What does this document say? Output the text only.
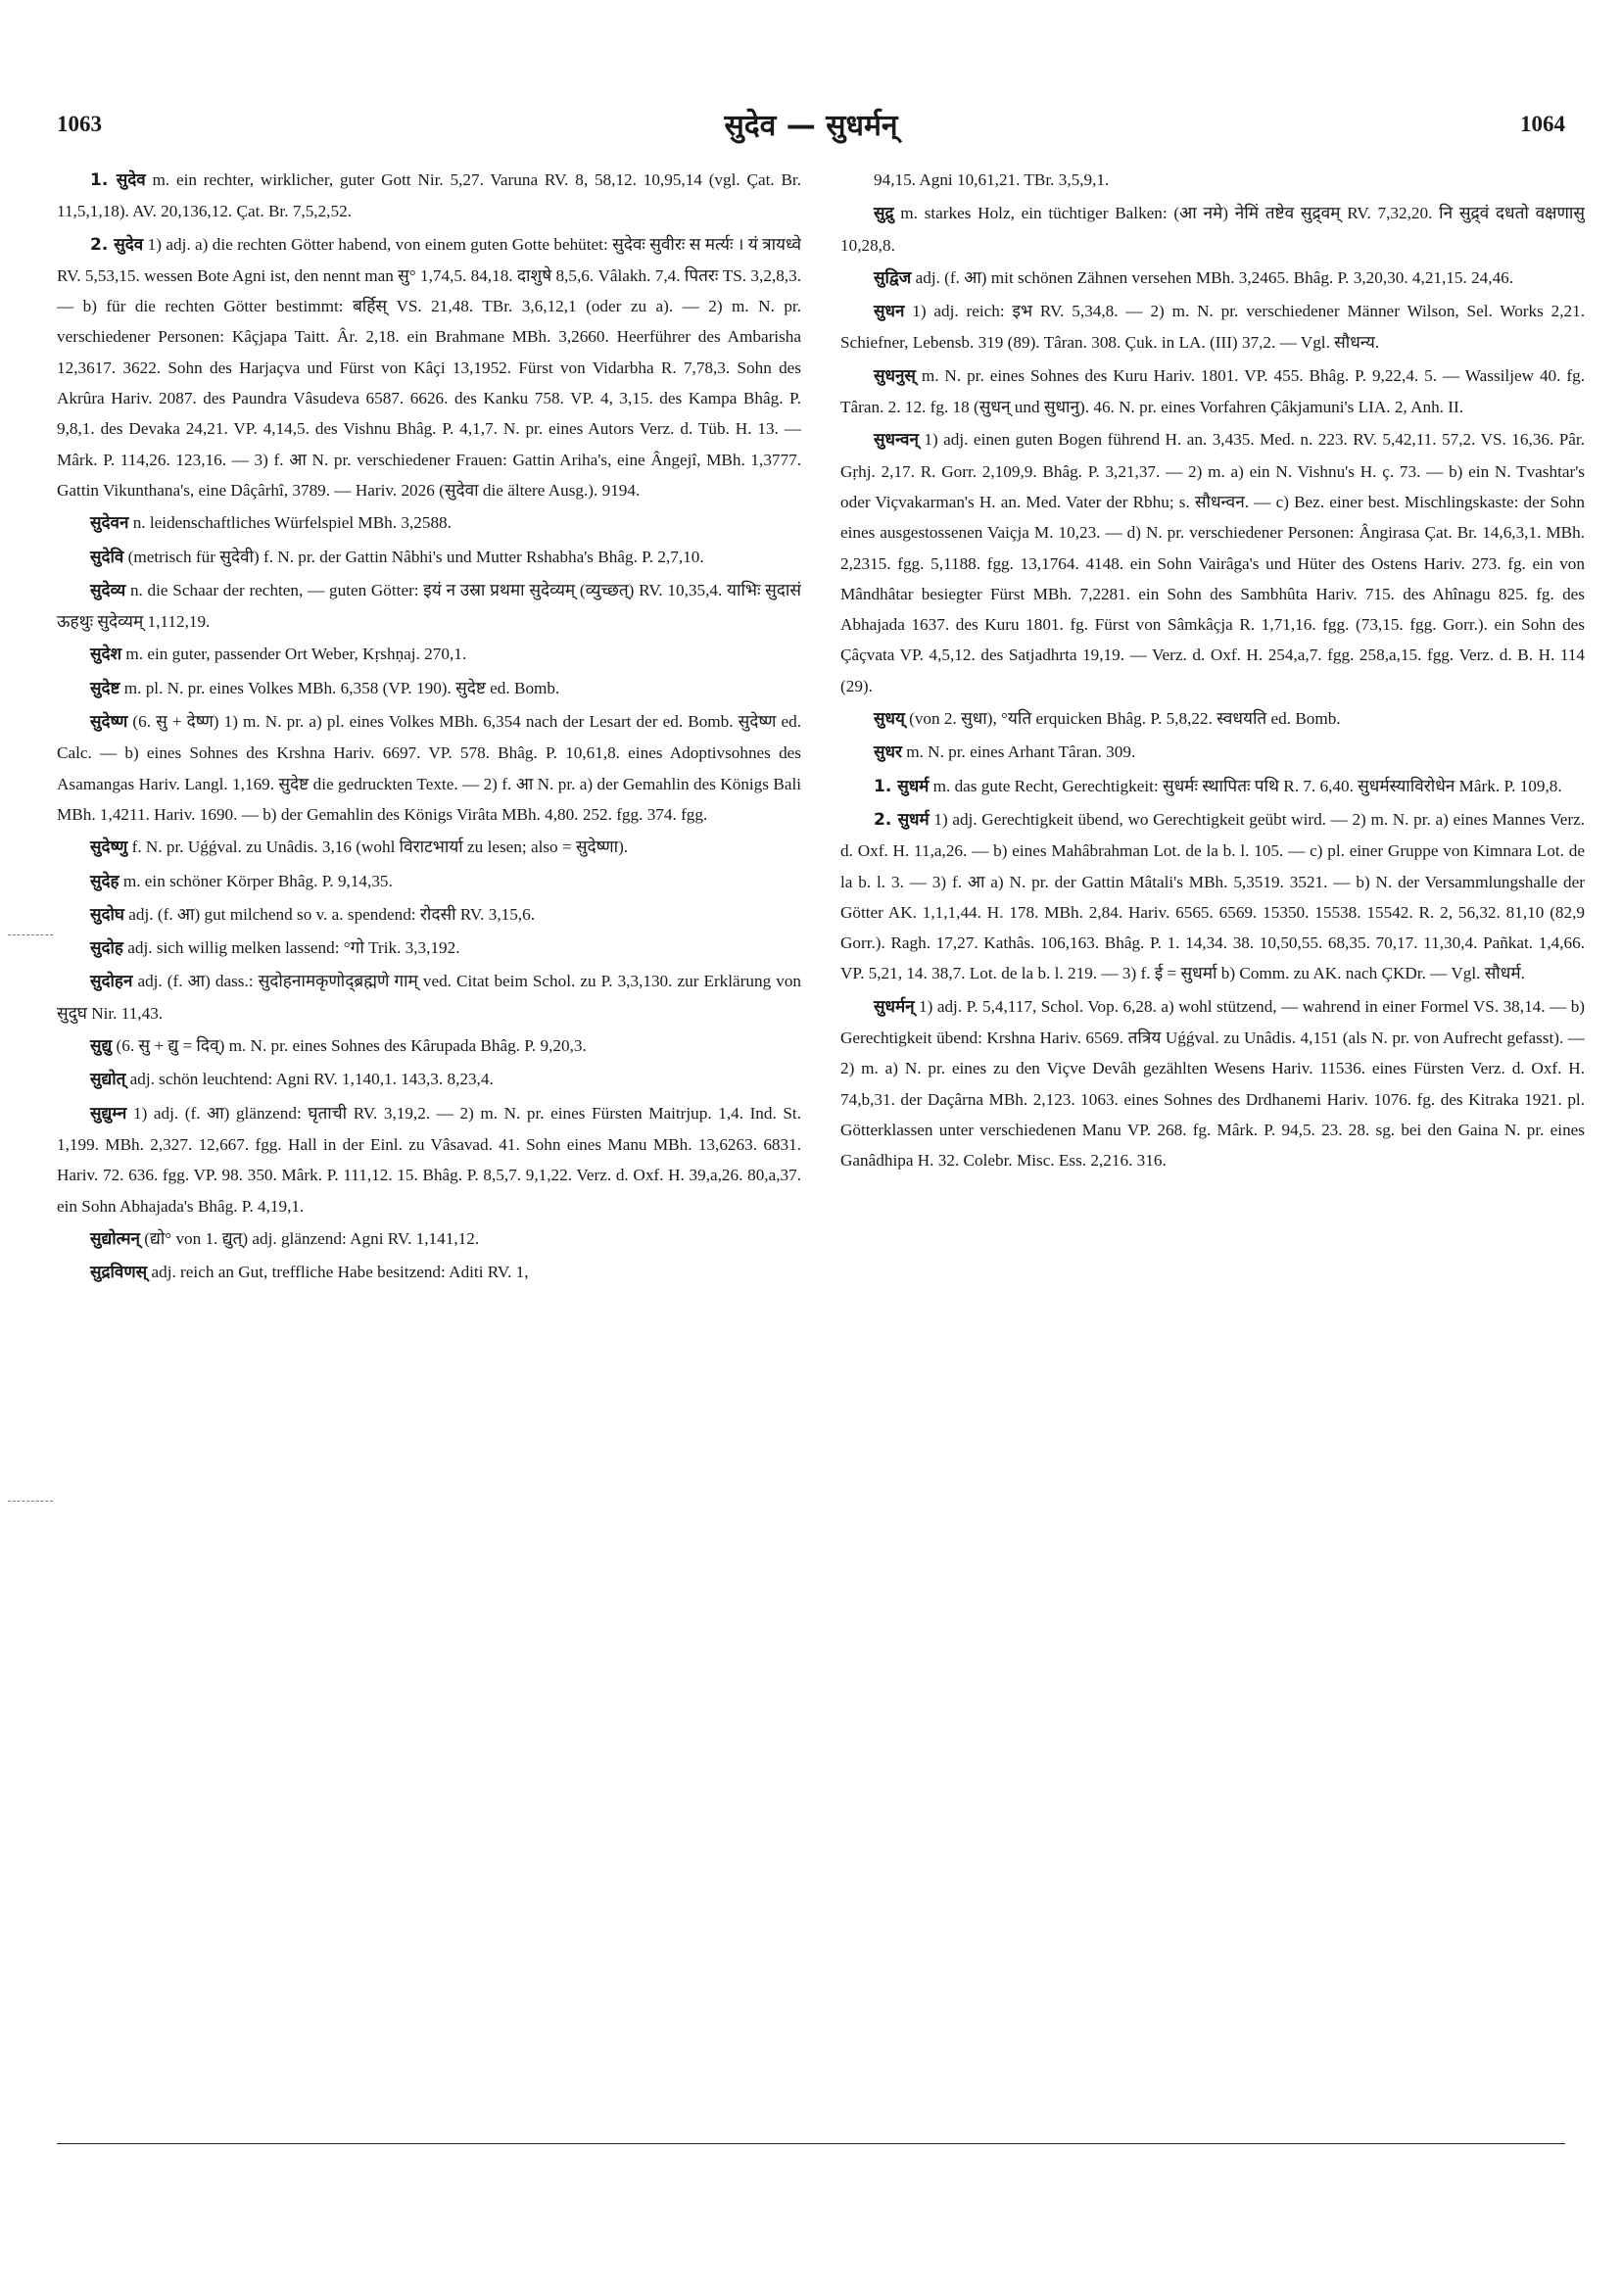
1063	सुदेव — सुधर्मन्	1064

1. सुदेव m. ein rechter, wirklicher, guter Gott Nir. 5,27. Varuna RV. 8, 58,12. 10,95,14 (vgl. Çat. Br. 11,5,1,18). AV. 20,136,12. Çat. Br. 7,5,2,52.

2. सुदेव 1) adj. a) die rechten Götter habend, von einem guten Gotte behütet: सुदेवः सुवीरः स मर्त्यः । यं त्रायध्वे RV. 5,53,15. wessen Bote Agni ist, den nennt man सु° 1,74,5. 84,18. दाशुषे 8,5,6. Vâlakh. 7,4. पितरः TS. 3,2,8,3. — b) für die rechten Götter bestimmt: बर्हिस् VS. 21,48. TBr. 3,6,12,1 (oder zu a). — 2) m. N. pr. verschiedener Personen: Kâçjapa Taitt. Âr. 2,18. ein Brahmane MBh. 3,2660. Heerführer des Ambarisha 12,3617. 3622. Sohn des Harjaçva und Fürst von Kâçi 13,1952. Fürst von Vidarbha R. 7,78,3. Sohn des Akrûra Hariv. 2087. des Paundra Vâsudeva 6587. 6626. des Kanku 758. VP. 4, 3,15. des Kampa Bhâg. P. 9,8,1. des Devaka 24,21. VP. 4,14,5. des Vishnu Bhâg. P. 4,1,7. N. pr. eines Autors Verz. d. Tüb. H. 13. — Mârk. P. 114,26. 123,16. — 3) f. आ N. pr. verschiedener Frauen: Gattin Ariha's, eine Ângejî, MBh. 1,3777. Gattin Vikunthana's, eine Dâçârhî, 3789. — Hariv. 2026 (सुदेवा die ältere Ausg.). 9194.

सुदेवन n. leidenschaftliches Würfelspiel MBh. 3,2588.

सुदेवि (metrisch für सुदेवी) f. N. pr. der Gattin Nâbhi's und Mutter Rshabha's Bhâg. P. 2,7,10.

सुदेव्य n. die Schaar der rechten, — guten Götter: इयं न उस्रा प्रथमा सुदेव्यम् (व्युच्छत्) RV. 10,35,4. याभिः सुदासं ऊहथुः सुदेव्यम् 1,112,19.

सुदेश m. ein guter, passender Ort Weber, Kṛshṇaj. 270,1.

सुदेष्ट m. pl. N. pr. eines Volkes MBh. 6,358 (VP. 190). सुदेष्ट ed. Bomb.

सुदेष्ण (6. सु + देष्ण) 1) m. N. pr. a) pl. eines Volkes MBh. 6,354 nach der Lesart der ed. Bomb. सुदेष्ण ed. Calc. — b) eines Sohnes des Krshna Hariv. 6697. VP. 578. Bhâg. P. 10,61,8. eines Adoptivsohnes des Asamangas Hariv. Langl. 1,169. सुदेष्ट die gedruckten Texte. — 2) f. आ N. pr. a) der Gemahlin des Königs Bali MBh. 1,4211. Hariv. 1690. — b) der Gemahlin des Königs Virâta MBh. 4,80. 252. fgg. 374. fgg.

सुदेष्णु f. N. pr. Uǵǵval. zu Unâdis. 3,16 (wohl विराटभार्या zu lesen; also = सुदेष्णा).

सुदेह m. ein schöner Körper Bhâg. P. 9,14,35.

सुदोघ adj. (f. आ) gut milchend so v. a. spendend: रोदसी RV. 3,15,6.

सुदोह adj. sich willig melken lassend: °गो Trik. 3,3,192.

सुदोहन adj. (f. आ) dass.: सुदोहनामकृणोद्ब्रह्मणे गाम् ved. Citat beim Schol. zu P. 3,3,130. zur Erklärung von सुदुघ Nir. 11,43.

सुद्यु (6. सु + द्यु = दिव्) m. N. pr. eines Sohnes des Kârupada Bhâg. P. 9,20,3.

सुद्योत् adj. schön leuchtend: Agni RV. 1,140,1. 143,3. 8,23,4.

सुद्युम्न 1) adj. (f. आ) glänzend: घृताची RV. 3,19,2. — 2) m. N. pr. eines Fürsten Maitrjup. 1,4. Ind. St. 1,199. MBh. 2,327. 12,667. fgg. Hall in der Einl. zu Vâsavad. 41. Sohn eines Manu MBh. 13,6263. 6831. Hariv. 72. 636. fgg. VP. 98. 350. Mârk. P. 111,12. 15. Bhâg. P. 8,5,7. 9,1,22. Verz. d. Oxf. H. 39,a,26. 80,a,37. ein Sohn Abhajada's Bhâg. P. 4,19,1.

सुद्योत्मन् (द्यो° von 1. द्युत्) adj. glänzend: Agni RV. 1,141,12.

सुद्रविणस् adj. reich an Gut, treffliche Habe besitzend: Aditi RV. 1,

94,15. Agni 10,61,21. TBr. 3,5,9,1.

सुद्रु m. starkes Holz, ein tüchtiger Balken: (आ नमे) नेमिं तष्टेव सुद्र्वम् RV. 7,32,20. नि सुद्र्वं दधतो वक्षणासु 10,28,8.

सुद्विज adj. (f. आ) mit schönen Zähnen versehen MBh. 3,2465. Bhâg. P. 3,20,30. 4,21,15. 24,46.

सुधन 1) adj. reich: इभ RV. 5,34,8. — 2) m. N. pr. verschiedener Männer Wilson, Sel. Works 2,21. Schiefner, Lebensb. 319 (89). Târan. 308. Çuk. in LA. (III) 37,2. — Vgl. सौधन्य.

सुधनुस् m. N. pr. eines Sohnes des Kuru Hariv. 1801. VP. 455. Bhâg. P. 9,22,4. 5. — Wassiljew 40. fg. Târan. 2. 12. fg. 18 (सुधन् und सुधानु). 46. N. pr. eines Vorfahren Çâkjamuni's LIA. 2, Anh. II.

सुधन्वन् 1) adj. einen guten Bogen führend H. an. 3,435. Med. n. 223. RV. 5,42,11. 57,2. VS. 16,36. Pâr. Gṛhj. 2,17. R. Gorr. 2,109,9. Bhâg. P. 3,21,37. — 2) m. a) ein N. Vishnu's H. ç. 73. — b) ein N. Tvashtar's oder Viçvakarman's H. an. Med. Vater der Rbhu; s. सौधन्वन. — c) Bez. einer best. Mischlingskaste: der Sohn eines ausgestossenen Vaiçja M. 10,23. — d) N. pr. verschiedener Personen: Ângirasa Çat. Br. 14,6,3,1. MBh. 2,2315. fgg. 5,1188. fgg. 13,1764. 4148. ein Sohn Vairâga's und Hüter des Ostens Hariv. 273. fg. ein von Mândhâtar besiegter Fürst MBh. 7,2281. ein Sohn des Sambhûta Hariv. 715. des Ahînagu 825. fg. des Abhajada 1637. des Kuru 1801. fg. Fürst von Sâmkâçja R. 1,71,16. fgg. (73,15. fgg. Gorr.). ein Sohn des Çâçvata VP. 4,5,12. des Satjadhrta 19,19. — Verz. d. Oxf. H. 254,a,7. fgg. 258,a,15. fgg. Verz. d. B. H. 114 (29).

सुधय् (von 2. सुधा), °यति erquicken Bhâg. P. 5,8,22. स्वधयति ed. Bomb.

सुधर m. N. pr. eines Arhant Târan. 309.

1. सुधर्म m. das gute Recht, Gerechtigkeit: सुधर्मः स्थापितः पथि R. 7. 6,40. सुधर्मस्याविरोधेन Mârk. P. 109,8.

2. सुधर्म 1) adj. Gerechtigkeit übend, wo Gerechtigkeit geübt wird. — 2) m. N. pr. a) eines Mannes Verz. d. Oxf. H. 11,a,26. — b) eines Mahâbrahman Lot. de la b. l. 105. — c) pl. einer Gruppe von Kimnara Lot. de la b. l. 3. — 3) f. आ a) N. pr. der Gattin Mâtali's MBh. 5,3519. 3521. — b) N. der Versammlungshalle der Götter AK. 1,1,1,44. H. 178. MBh. 2,84. Hariv. 6565. 6569. 15350. 15538. 15542. R. 2, 56,32. 81,10 (82,9 Gorr.). Ragh. 17,27. Kathâs. 106,163. Bhâg. P. 1. 14,34. 38. 10,50,55. 68,35. 70,17. 11,30,4. Pañkat. 1,4,66. VP. 5,21, 14. 38,7. Lot. de la b. l. 219. — 3) f. ई = सुधर्मा b) Comm. zu AK. nach ÇKDr. — Vgl. सौधर्म.

सुधर्मन् 1) adj. P. 5,4,117, Schol. Vop. 6,28. a) wohl stützend, — wahrend in einer Formel VS. 38,14. — b) Gerechtigkeit übend: Krshna Hariv. 6569. तत्रिय Uǵǵval. zu Unâdis. 4,151 (als N. pr. von Aufrecht gefasst). — 2) m. a) N. pr. eines zu den Viçve Devâh gezählten Wesens Hariv. 11536. eines Fürsten Verz. d. Oxf. H. 74,b,31. der Daçârna MBh. 2,123. 1063. eines Sohnes des Drdhanemi Hariv. 1076. fg. des Kitraka 1921. pl. Götterklassen unter verschiedenen Manu VP. 268. fg. Mârk. P. 94,5. 23. 28. sg. bei den Gaina N. pr. eines Ganâdhipa H. 32. Colebr. Misc. Ess. 2,216. 316.
